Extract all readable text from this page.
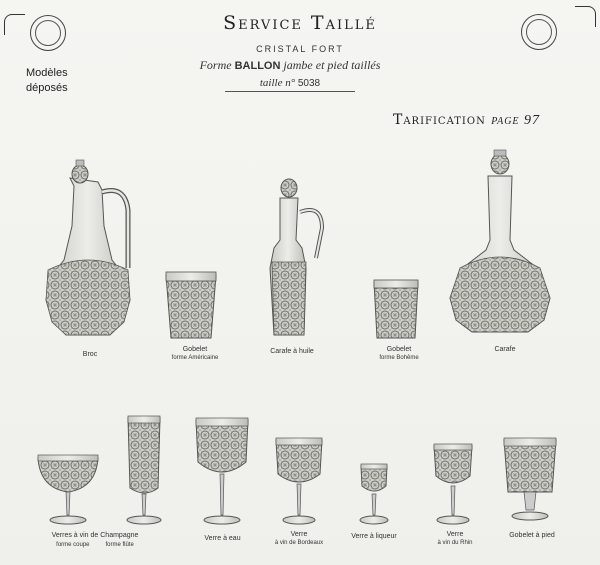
Service Taillé
CRISTAL FORT
Forme BALLON jambe et pied taillés
taille n° 5038
Modèles
déposés
Tarification page 97
Broc
Gobelet
forme Américaine
Carafe à huile	Gobelet
forme Bohême
Carafe
Verres à vin de Champagne
forme coupe	forme flûte
Verre à eau
Verre
à vin de Bordeaux
Verre à liqueur	Verre
à vin du Rhin
Gobelet à pied
